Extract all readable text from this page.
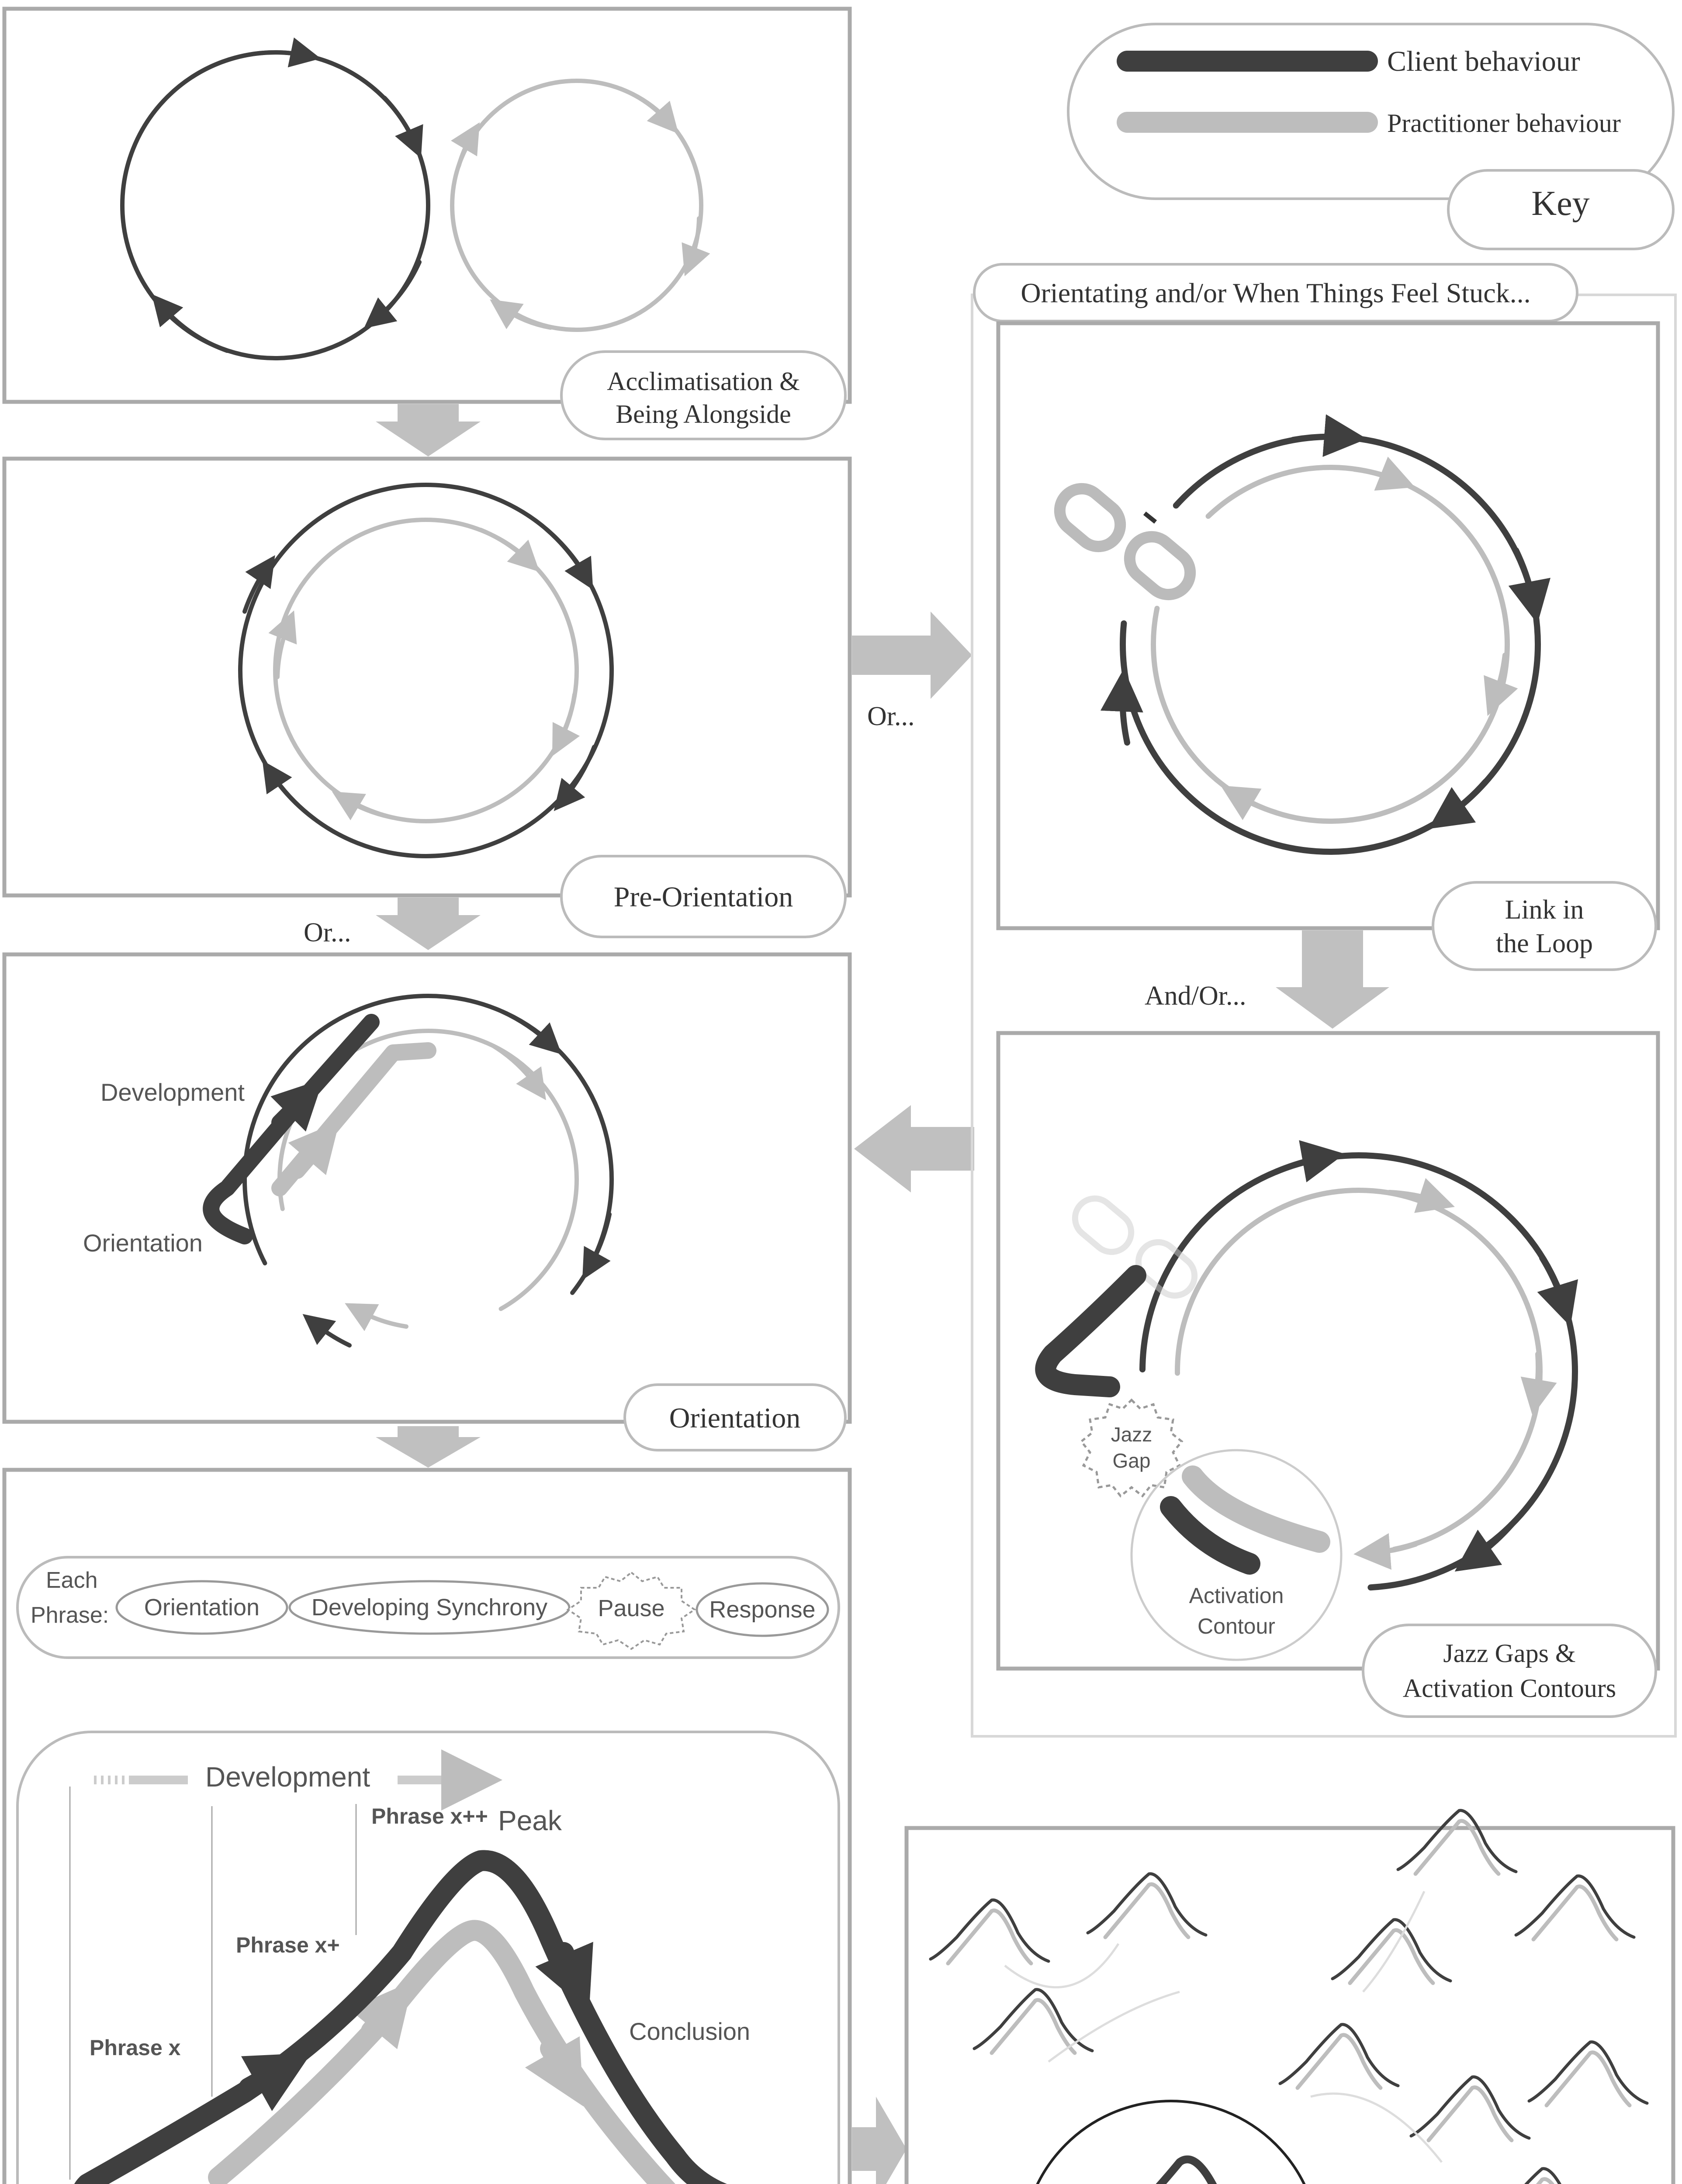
Client behaviour
Practitioner behaviour
Key
Acclimatisation &
Being Alongside
Pre-Orientation
Or...
Or...
Development
Orientation
Orientation
Orientating and/or When Things Feel Stuck...
Link in
the Loop
And/Or...
Jazz
Gap
Activation
Contour
Jazz Gaps &
Activation Contours
Each
Phrase: Orientation Developing Synchrony Pause Response
Development
Phrase x
Phrase x+
Phrase x++ Peak
Conclusion
